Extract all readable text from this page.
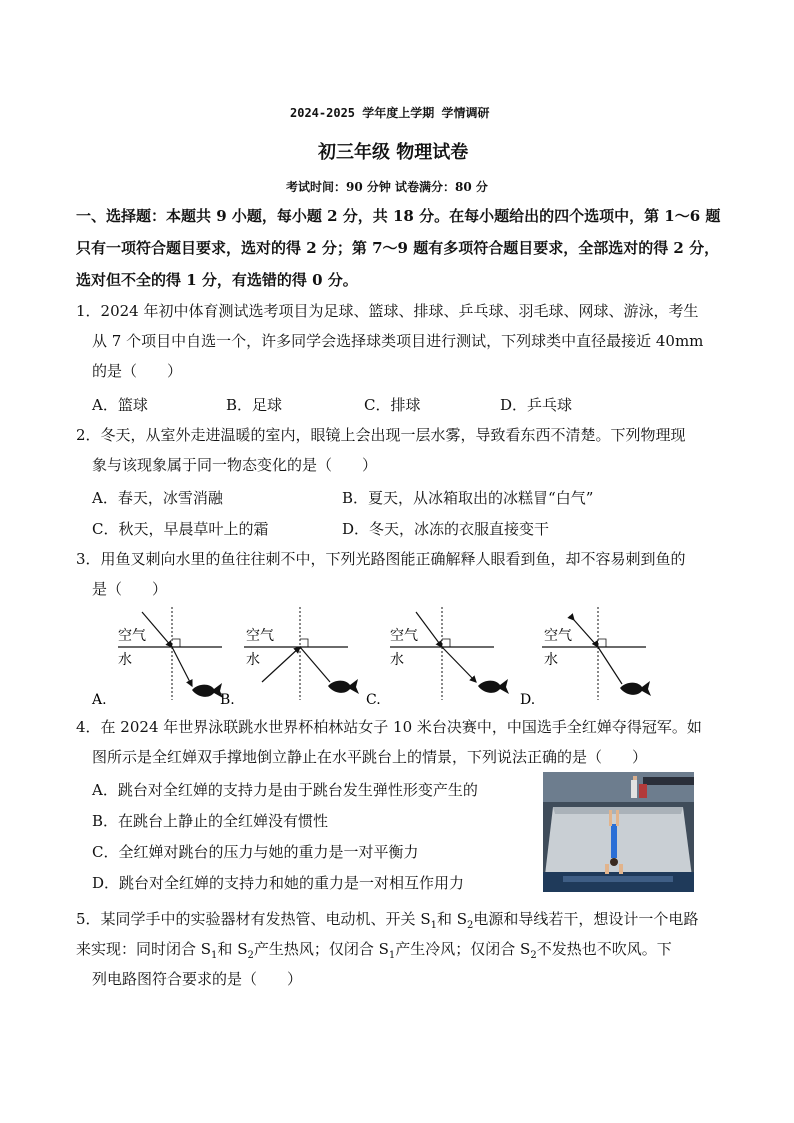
2024-2025 学年度上学期 学情调研
初三年级 物理试卷
考试时间：90 分钟 试卷满分：80 分
一、选择题：本题共 9 小题，每小题 2 分，共 18 分。在每小题给出的四个选项中，第 1～6 题只有一项符合题目要求，选对的得 2 分；第 7～9 题有多项符合题目要求，全部选对的得 2 分，选对但不全的得 1 分，有选错的得 0 分。
1．2024 年初中体育测试选考项目为足球、篮球、排球、乒乓球、羽毛球、网球、游泳，考生
从 7 个项目中自选一个，许多同学会选择球类项目进行测试，下列球类中直径最接近 40mm
的是（　　）
A．篮球	B．足球	C．排球	D．乒乓球
2．冬天，从室外走进温暖的室内，眼镜上会出现一层水雾，导致看东西不清楚。下列物理现
象与该现象属于同一物态变化的是（　　）
A．春天，冰雪消融	B．夏天，从冰箱取出的冰糕冒“白气”
C．秋天，早晨草叶上的霜	D．冬天，冰冻的衣服直接变干
3．用鱼叉刺向水里的鱼往往刺不中，下列光路图能正确解释人眼看到鱼，却不容易刺到鱼的
是（　　）
空气
水
A.
空气
水
B.
空气
水
C.
空气
水
D.
4．在 2024 年世界泳联跳水世界杯柏林站女子 10 米台决赛中，中国选手全红婵夺得冠军。如
图所示是全红婵双手撑地倒立静止在水平跳台上的情景，下列说法正确的是（　　）
A．跳台对全红婵的支持力是由于跳台发生弹性形变产生的
B．在跳台上静止的全红婵没有惯性
C．全红婵对跳台的压力与她的重力是一对平衡力
D．跳台对全红婵的支持力和她的重力是一对相互作用力
5．某同学手中的实验器材有发热管、电动机、开关 $S_1$和 $S_2$电源和导线若干，想设计一个电路
来实现：同时闭合 $S_1$和 $S_2$产生热风；仅闭合 $S_1$产生冷风；仅闭合 $S_2$不发热也不吹风。下
列电路图符合要求的是（　　）
